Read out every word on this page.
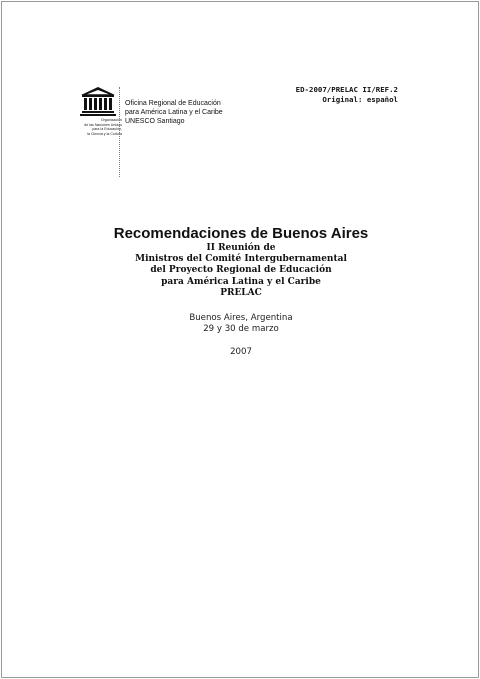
Organización
de las Naciones Unidas
para la Educación,
la Ciencia y la Cultura
Oficina Regional de Educación
para América Latina y el Caribe
UNESCO Santiago
ED-2007/PRELAC II/REF.2
Original: español
Recomendaciones de Buenos Aires
II Reunión de
Ministros del Comité Intergubernamental
del Proyecto Regional de Educación
para América Latina y el Caribe
PRELAC
Buenos Aires, Argentina
29 y 30 de marzo
2007
